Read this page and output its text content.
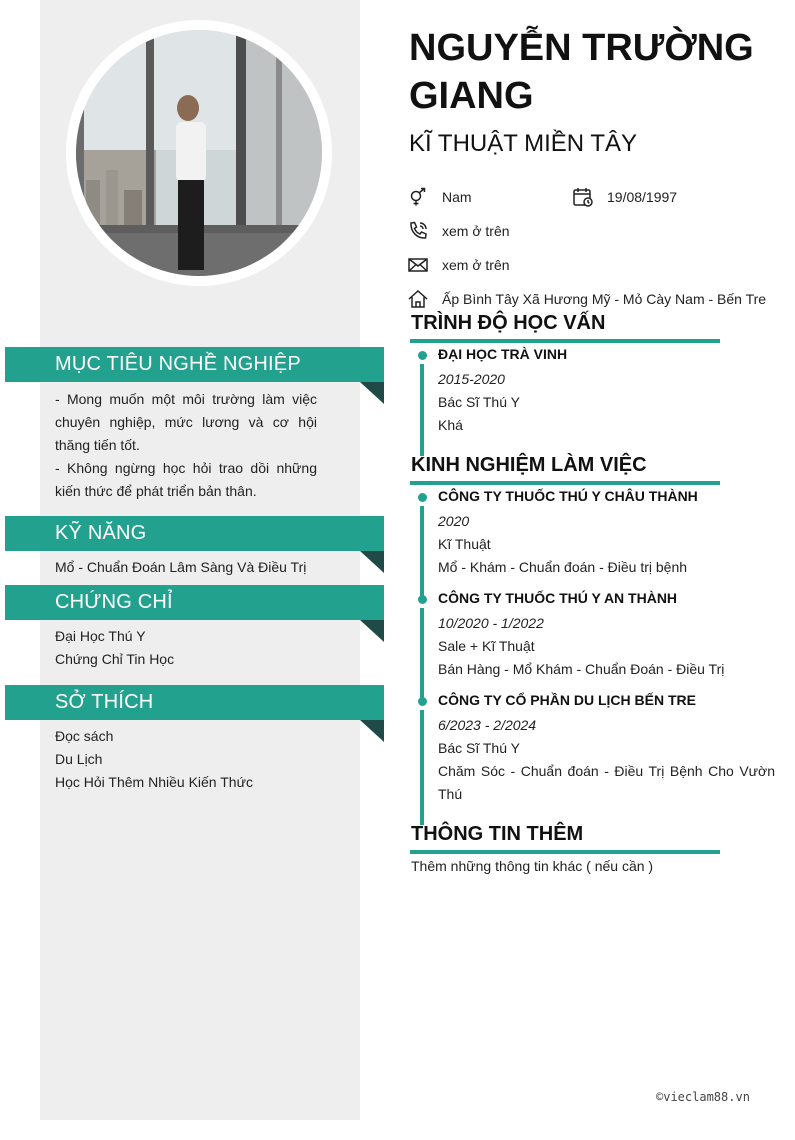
MỤC TIÊU NGHỀ NGHIỆP
- Mong muốn một môi trường làm việc chuyên nghiệp, mức lương và cơ hội thăng tiến tốt.
- Không ngừng học hỏi trao dồi những kiến thức để phát triển bản thân.
KỸ NĂNG
Mổ - Chuẩn Đoán Lâm Sàng Và Điều Trị
CHỨNG CHỈ
Đại Học Thú Y
Chứng Chỉ Tin Học
SỞ THÍCH
Đọc sách
Du Lịch
Học Hỏi Thêm Nhiều Kiến Thức
NGUYỄN TRƯỜNG GIANG
KĨ THUẬT MIỀN TÂY
Nam	19/08/1997
xem ở trên
xem ở trên
Ấp Bình Tây Xã Hương Mỹ - Mỏ Cày Nam - Bến Tre
TRÌNH ĐỘ HỌC VẤN
ĐẠI HỌC TRÀ VINH
2015-2020
Bác Sĩ Thú Y
Khá
KINH NGHIỆM LÀM VIỆC
CÔNG TY THUỐC THÚ Y CHÂU THÀNH
2020
Kĩ Thuật
Mổ - Khám - Chuẩn đoán - Điều trị bệnh
CÔNG TY THUỐC THÚ Y AN THÀNH
10/2020 - 1/2022
Sale + Kĩ Thuật
Bán Hàng - Mổ Khám - Chuẩn Đoán - Điều Trị
CÔNG TY CỔ PHẦN DU LỊCH BẾN TRE
6/2023 - 2/2024
Bác Sĩ Thú Y
Chăm Sóc - Chuẩn đoán - Điều Trị Bệnh Cho Vườn Thú
THÔNG TIN THÊM
Thêm những thông tin khác ( nếu cần )
©vieclam88.vn
